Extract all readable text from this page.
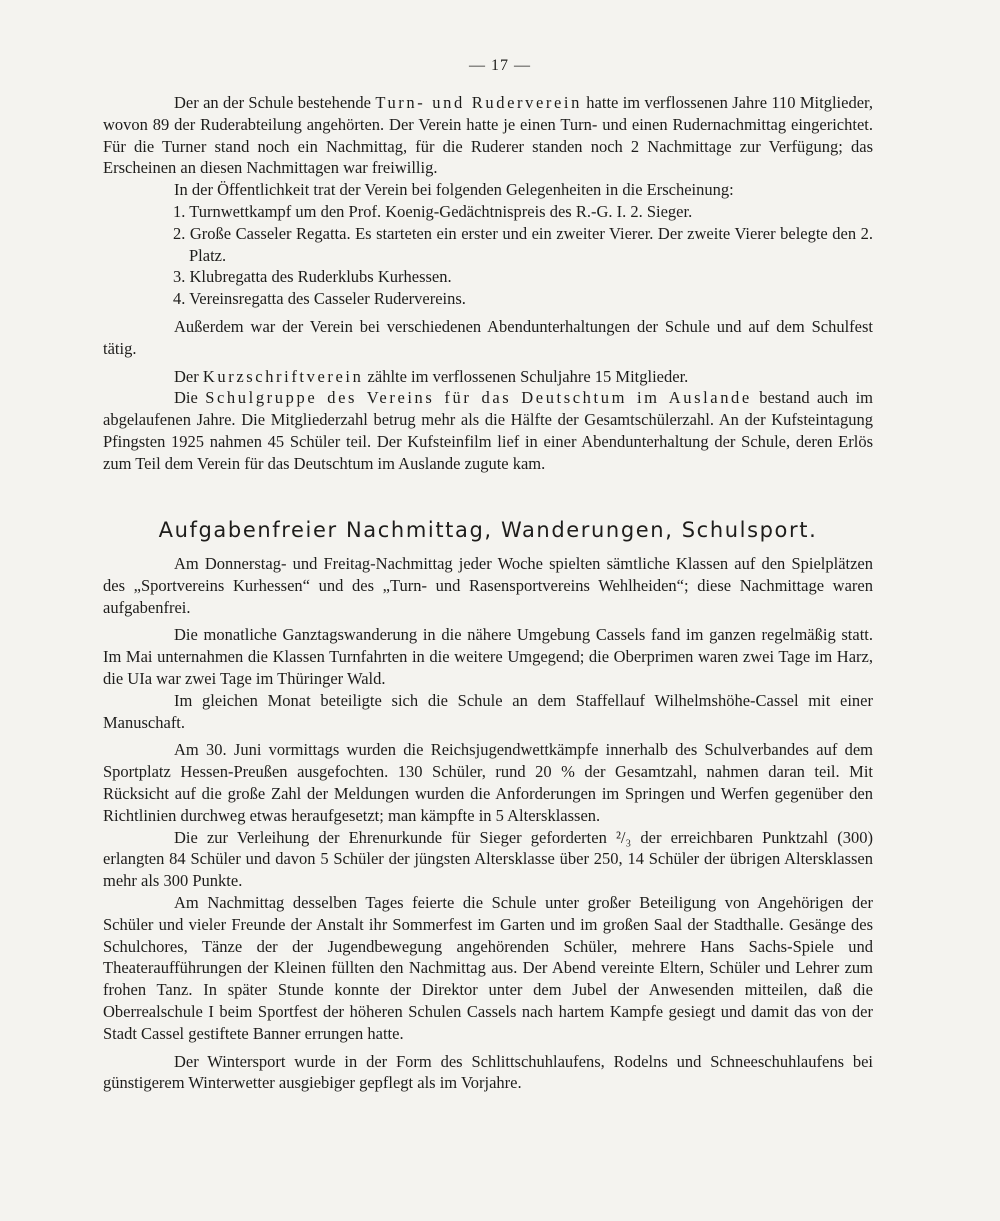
— 17 —

Der an der Schule bestehende Turn- und Ruderverein hatte im verflossenen Jahre 110 Mitglieder, wovon 89 der Ruderabteilung angehörten. Der Verein hatte je einen Turn- und einen Rudernachmittag eingerichtet. Für die Turner stand noch ein Nachmittag, für die Ruderer standen noch 2 Nachmittage zur Verfügung; das Erscheinen an diesen Nachmittagen war freiwillig.

In der Öffentlichkeit trat der Verein bei folgenden Gelegenheiten in die Erscheinung:

1. Turnwettkampf um den Prof. Koenig-Gedächtnispreis des R.-G. I. 2. Sieger.
2. Große Casseler Regatta. Es starteten ein erster und ein zweiter Vierer. Der zweite Vierer belegte den 2. Platz.
3. Klubregatta des Ruderklubs Kurhessen.
4. Vereinsregatta des Casseler Rudervereins.

Außerdem war der Verein bei verschiedenen Abendunterhaltungen der Schule und auf dem Schulfest tätig.

Der Kurzschriftverein zählte im verflossenen Schuljahre 15 Mitglieder.

Die Schulgruppe des Vereins für das Deutschtum im Auslande bestand auch im abgelaufenen Jahre. Die Mitgliederzahl betrug mehr als die Hälfte der Gesamtschülerzahl. An der Kufsteintagung Pfingsten 1925 nahmen 45 Schüler teil. Der Kufsteinfilm lief in einer Abendunterhaltung der Schule, deren Erlös zum Teil dem Verein für das Deutschtum im Auslande zugute kam.

Aufgabenfreier Nachmittag, Wanderungen, Schulsport.

Am Donnerstag- und Freitag-Nachmittag jeder Woche spielten sämtliche Klassen auf den Spielplätzen des „Sportvereins Kurhessen“ und des „Turn- und Rasensportvereins Wehlheiden“; diese Nachmittage waren aufgabenfrei.

Die monatliche Ganztagswanderung in die nähere Umgebung Cassels fand im ganzen regelmäßig statt. Im Mai unternahmen die Klassen Turnfahrten in die weitere Umgegend; die Oberprimen waren zwei Tage im Harz, die UIa war zwei Tage im Thüringer Wald.

Im gleichen Monat beteiligte sich die Schule an dem Staffellauf Wilhelmshöhe-Cassel mit einer Manuschaft.

Am 30. Juni vormittags wurden die Reichsjugendwettkämpfe innerhalb des Schulverbandes auf dem Sportplatz Hessen-Preußen ausgefochten. 130 Schüler, rund 20 % der Gesamtzahl, nahmen daran teil. Mit Rücksicht auf die große Zahl der Meldungen wurden die Anforderungen im Springen und Werfen gegenüber den Richtlinien durchweg etwas heraufgesetzt; man kämpfte in 5 Altersklassen.

Die zur Verleihung der Ehrenurkunde für Sieger geforderten ²/₃ der erreichbaren Punktzahl (300) erlangten 84 Schüler und davon 5 Schüler der jüngsten Altersklasse über 250, 14 Schüler der übrigen Altersklassen mehr als 300 Punkte.

Am Nachmittag desselben Tages feierte die Schule unter großer Beteiligung von Angehörigen der Schüler und vieler Freunde der Anstalt ihr Sommerfest im Garten und im großen Saal der Stadthalle. Gesänge des Schulchores, Tänze der der Jugendbewegung angehörenden Schüler, mehrere Hans Sachs-Spiele und Theateraufführungen der Kleinen füllten den Nachmittag aus. Der Abend vereinte Eltern, Schüler und Lehrer zum frohen Tanz. In später Stunde konnte der Direktor unter dem Jubel der Anwesenden mitteilen, daß die Oberrealschule I beim Sportfest der höheren Schulen Cassels nach hartem Kampfe gesiegt und damit das von der Stadt Cassel gestiftete Banner errungen hatte.

Der Wintersport wurde in der Form des Schlittschuhlaufens, Rodelns und Schneeschuhlaufens bei günstigerem Winterwetter ausgiebiger gepflegt als im Vorjahre.
